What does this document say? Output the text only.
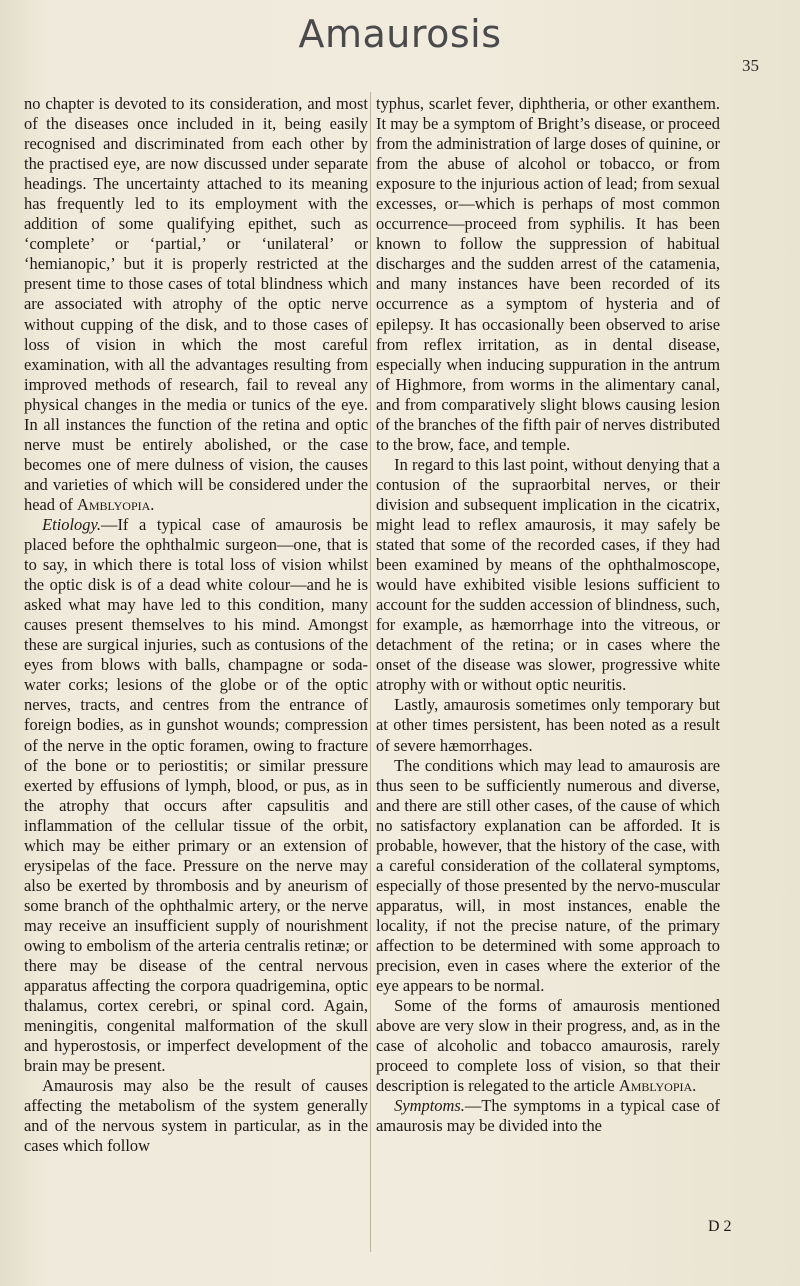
Amaurosis
35

no chapter is devoted to its consideration, and most of the diseases once included in it, being easily recognised and discriminated from each other by the practised eye, are now discussed under separate headings. The uncertainty attached to its meaning has frequently led to its employment with the addition of some qualifying epithet, such as ‘complete’ or ‘partial,’ or ‘unilateral’ or ‘hemianopic,’ but it is properly restricted at the present time to those cases of total blindness which are associated with atrophy of the optic nerve without cupping of the disk, and to those cases of loss of vision in which the most careful examination, with all the advantages resulting from improved methods of research, fail to reveal any physical changes in the media or tunics of the eye. In all instances the function of the retina and optic nerve must be entirely abolished, or the case becomes one of mere dulness of vision, the causes and varieties of which will be considered under the head of Amblyopia.

Etiology.—If a typical case of amaurosis be placed before the ophthalmic surgeon—one, that is to say, in which there is total loss of vision whilst the optic disk is of a dead white colour—and he is asked what may have led to this condition, many causes present themselves to his mind. Amongst these are surgical injuries, such as contusions of the eyes from blows with balls, champagne or soda-water corks; lesions of the globe or of the optic nerves, tracts, and centres from the entrance of foreign bodies, as in gunshot wounds; compression of the nerve in the optic foramen, owing to fracture of the bone or to periostitis; or similar pressure exerted by effusions of lymph, blood, or pus, as in the atrophy that occurs after capsulitis and inflammation of the cellular tissue of the orbit, which may be either primary or an extension of erysipelas of the face. Pressure on the nerve may also be exerted by thrombosis and by aneurism of some branch of the ophthalmic artery, or the nerve may receive an insufficient supply of nourishment owing to embolism of the arteria centralis retinæ; or there may be disease of the central nervous apparatus affecting the corpora quadrigemina, optic thalamus, cortex cerebri, or spinal cord. Again, meningitis, congenital malformation of the skull and hyperostosis, or imperfect development of the brain may be present.

Amaurosis may also be the result of causes affecting the metabolism of the system generally and of the nervous system in particular, as in the cases which follow

typhus, scarlet fever, diphtheria, or other exanthem. It may be a symptom of Bright’s disease, or proceed from the administration of large doses of quinine, or from the abuse of alcohol or tobacco, or from exposure to the injurious action of lead; from sexual excesses, or—which is perhaps of most common occurrence—proceed from syphilis. It has been known to follow the suppression of habitual discharges and the sudden arrest of the catamenia, and many instances have been recorded of its occurrence as a symptom of hysteria and of epilepsy. It has occasionally been observed to arise from reflex irritation, as in dental disease, especially when inducing suppuration in the antrum of Highmore, from worms in the alimentary canal, and from comparatively slight blows causing lesion of the branches of the fifth pair of nerves distributed to the brow, face, and temple.

In regard to this last point, without denying that a contusion of the supraorbital nerves, or their division and subsequent implication in the cicatrix, might lead to reflex amaurosis, it may safely be stated that some of the recorded cases, if they had been examined by means of the ophthalmoscope, would have exhibited visible lesions sufficient to account for the sudden accession of blindness, such, for example, as hæmorrhage into the vitreous, or detachment of the retina; or in cases where the onset of the disease was slower, progressive white atrophy with or without optic neuritis.

Lastly, amaurosis sometimes only temporary but at other times persistent, has been noted as a result of severe hæmorrhages.

The conditions which may lead to amaurosis are thus seen to be sufficiently numerous and diverse, and there are still other cases, of the cause of which no satisfactory explanation can be afforded. It is probable, however, that the history of the case, with a careful consideration of the collateral symptoms, especially of those presented by the nervo-muscular apparatus, will, in most instances, enable the locality, if not the precise nature, of the primary affection to be determined with some approach to precision, even in cases where the exterior of the eye appears to be normal.

Some of the forms of amaurosis mentioned above are very slow in their progress, and, as in the case of alcoholic and tobacco amaurosis, rarely proceed to complete loss of vision, so that their description is relegated to the article Amblyopia.

Symptoms.—The symptoms in a typical case of amaurosis may be divided into the

D 2
